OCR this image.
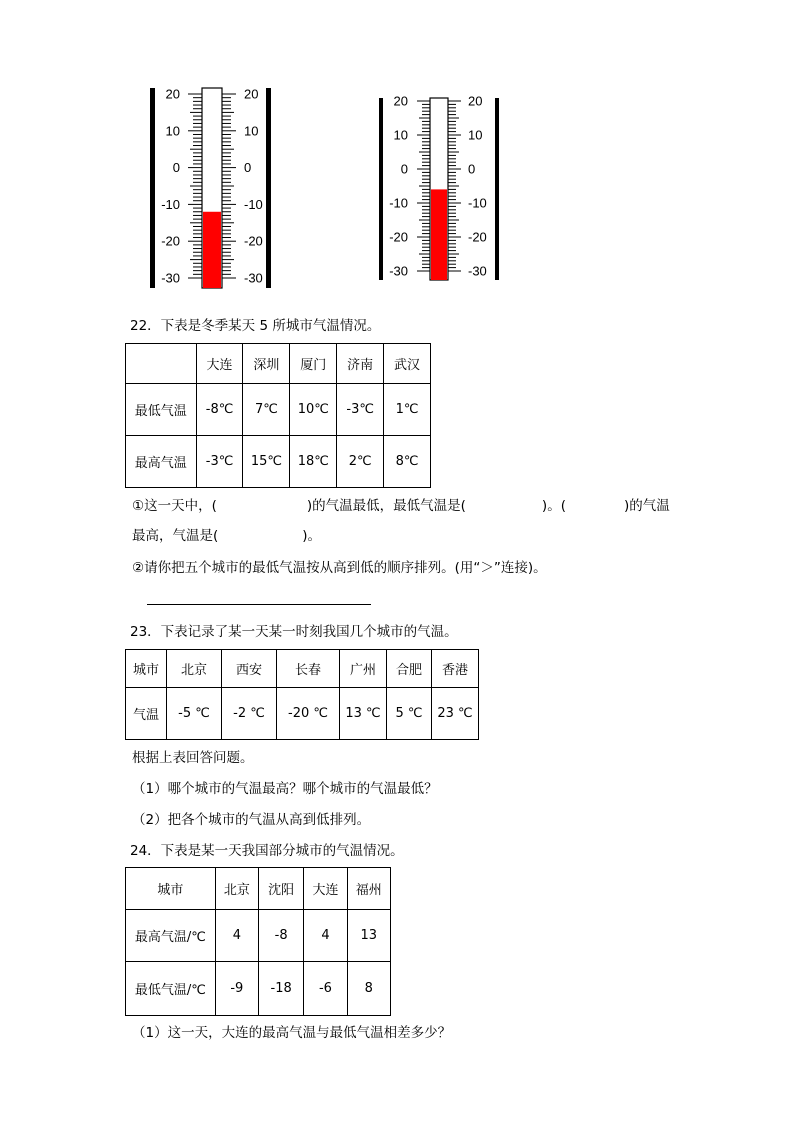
20	20
10	10
0	0
-10	-10
-20	-20
-30	-30
20	20
10	10
0	0
-10	-10
-20	-20
-30	-30
22．下表是冬季某天 5 所城市气温情况。
	大连	深圳	厦门	济南	武汉
最低气温	-8℃	7℃	10℃	-3℃	1℃
最高气温	-3℃	15℃	18℃	2℃	8℃
①这一天中，(	)的气温最低，最低气温是(	)。(	)的气温
最高，气温是(	)。
②请你把五个城市的最低气温按从高到低的顺序排列。(用“＞”连接)。
23．下表记录了某一天某一时刻我国几个城市的气温。
城市	北京	西安	长春	广州	合肥	香港
气温	-5 ℃	-2 ℃	-20 ℃	13 ℃	5 ℃	23 ℃
根据上表回答问题。
（1）哪个城市的气温最高？哪个城市的气温最低？
（2）把各个城市的气温从高到低排列。
24．下表是某一天我国部分城市的气温情况。
城市	北京	沈阳	大连	福州
最高气温/℃	4	-8	4	13
最低气温/℃	-9	-18	-6	8
（1）这一天，大连的最高气温与最低气温相差多少？
